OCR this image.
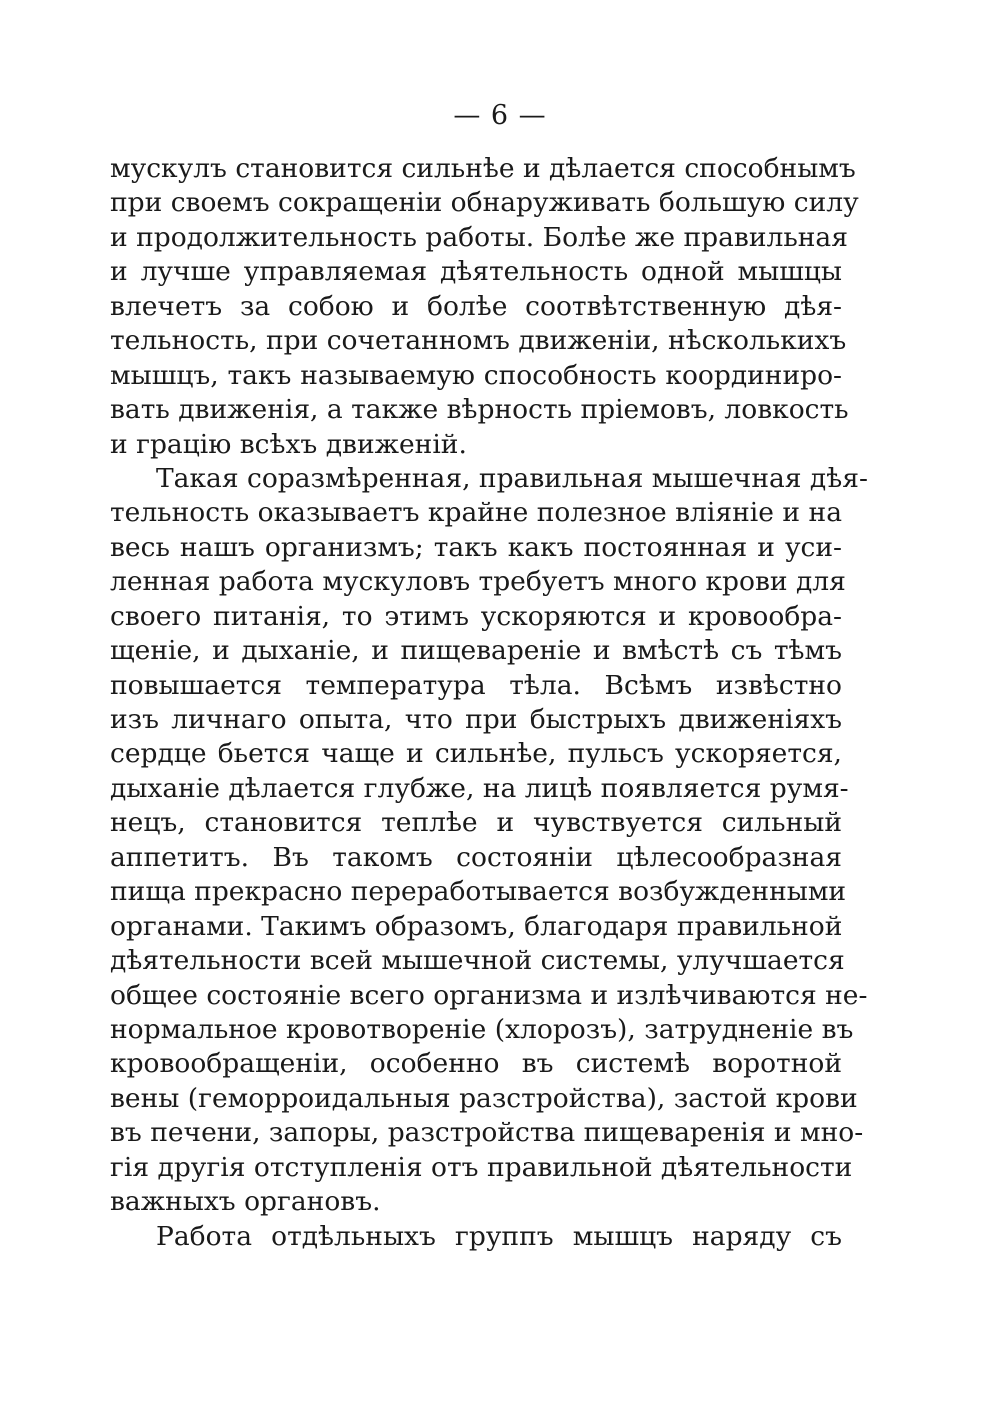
— 6 —
мускулъ становится сильнѣе и дѣлается способнымъ
при своемъ сокращеніи обнаруживать большую силу
и продолжительность работы. Болѣе же правильная
и лучше управляемая дѣятельность одной мышцы
влечетъ за собою и болѣе соотвѣтственную дѣя-
тельность, при сочетанномъ движеніи, нѣсколькихъ
мышцъ, такъ называемую способность координиро-
вать движенія, а также вѣрность пріемовъ, ловкость
и грацію всѣхъ движеній.
Такая соразмѣренная, правильная мышечная дѣя-
тельность оказываетъ крайне полезное вліяніе и на
весь нашъ организмъ; такъ какъ постоянная и уси-
ленная работа мускуловъ требуетъ много крови для
своего питанія, то этимъ ускоряются и кровообра-
щеніе, и дыханіе, и пищевареніе и вмѣстѣ съ тѣмъ
повышается температура тѣла. Всѣмъ извѣстно
изъ личнаго опыта, что при быстрыхъ движеніяхъ
сердце бьется чаще и сильнѣе, пульсъ ускоряется,
дыханіе дѣлается глубже, на лицѣ появляется румя-
нецъ, становится теплѣе и чувствуется сильный
аппетитъ. Въ такомъ состояніи цѣлесообразная
пища прекрасно переработывается возбужденными
органами. Такимъ образомъ, благодаря правильной
дѣятельности всей мышечной системы, улучшается
общее состояніе всего организма и излѣчиваются не-
нормальное кровотвореніе (хлорозъ), затрудненіе въ
кровообращеніи, особенно въ системѣ воротной
вены (геморроидальныя разстройства), застой крови
въ печени, запоры, разстройства пищеваренія и мно-
гія другія отступленія отъ правильной дѣятельности
важныхъ органовъ.
Работа отдѣльныхъ группъ мышцъ наряду съ
